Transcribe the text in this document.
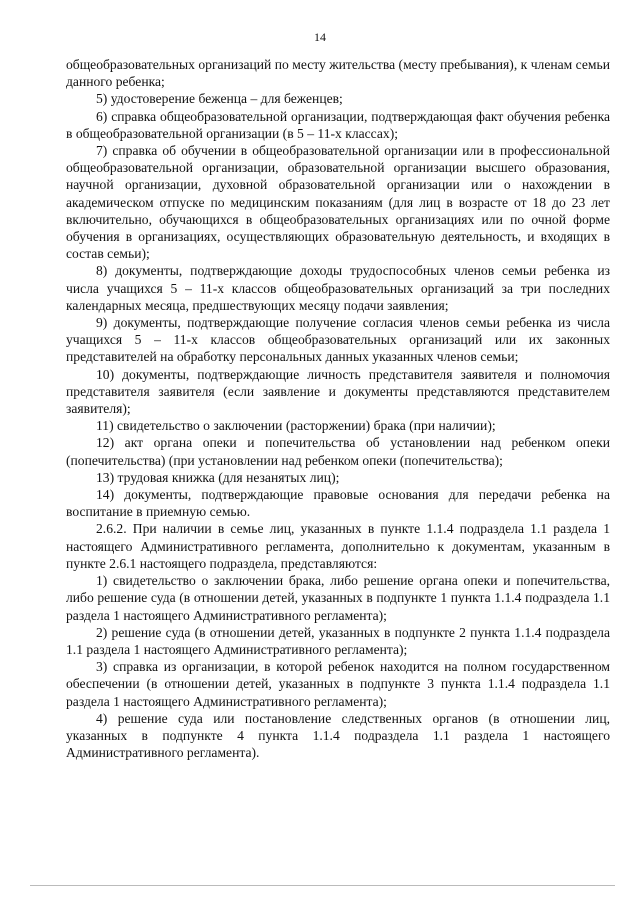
14

общеобразовательных организаций по месту жительства (месту пребывания), к членам семьи данного ребенка;

5) удостоверение беженца – для беженцев;

6) справка общеобразовательной организации, подтверждающая факт обучения ребенка в общеобразовательной организации (в 5 – 11-х классах);

7) справка об обучении в общеобразовательной организации или в профессиональной общеобразовательной организации, образовательной организации высшего образования, научной организации, духовной образовательной организации или о нахождении в академическом отпуске по медицинским показаниям (для лиц в возрасте от 18 до 23 лет включительно, обучающихся в общеобразовательных организациях или по очной форме обучения в организациях, осуществляющих образовательную деятельность, и входящих в состав семьи);

8) документы, подтверждающие доходы трудоспособных членов семьи ребенка из числа учащихся 5 – 11-х классов общеобразовательных организаций за три последних календарных месяца, предшествующих месяцу подачи заявления;

9) документы, подтверждающие получение согласия членов семьи ребенка из числа учащихся 5 – 11-х классов общеобразовательных организаций или их законных представителей на обработку персональных данных указанных членов семьи;

10) документы, подтверждающие личность представителя заявителя и полномочия представителя заявителя (если заявление и документы представляются представителем заявителя);

11) свидетельство о заключении (расторжении) брака (при наличии);

12) акт органа опеки и попечительства об установлении над ребенком опеки (попечительства) (при установлении над ребенком опеки (попечительства);

13) трудовая книжка (для незанятых лиц);

14) документы, подтверждающие правовые основания для передачи ребенка на воспитание в приемную семью.

2.6.2. При наличии в семье лиц, указанных в пункте 1.1.4 подраздела 1.1 раздела 1 настоящего Административного регламента, дополнительно к документам, указанным в пункте 2.6.1 настоящего подраздела, представляются:

1) свидетельство о заключении брака, либо решение органа опеки и попечительства, либо решение суда (в отношении детей, указанных в подпункте 1 пункта 1.1.4 подраздела 1.1 раздела 1 настоящего Административного регламента);

2) решение суда (в отношении детей, указанных в подпункте 2 пункта 1.1.4 подраздела 1.1 раздела 1 настоящего Административного регламента);

3) справка из организации, в которой ребенок находится на полном государственном обеспечении (в отношении детей, указанных в подпункте 3 пункта 1.1.4 подраздела 1.1 раздела 1 настоящего Административного регламента);

4) решение суда или постановление следственных органов (в отношении лиц, указанных в подпункте 4 пункта 1.1.4 подраздела 1.1 раздела 1 настоящего Административного регламента).
